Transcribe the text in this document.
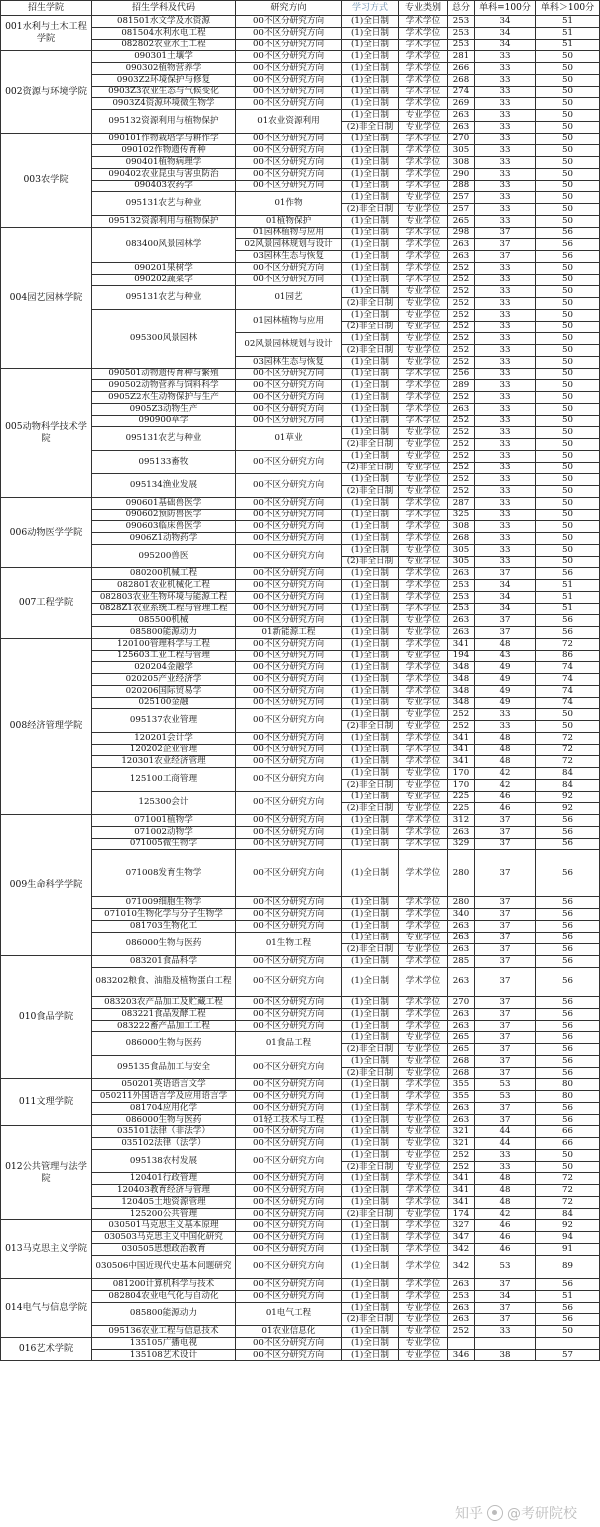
招生学院	招生学科及代码	研究方向	学习方式	专业类别	总分	单科=100分	单科＞100分
001水利与土木工程学院	081501水文学及水资源	00不区分研究方向	(1)全日制	学术学位	253	34	51
	081504水利水电工程	00不区分研究方向	(1)全日制	学术学位	253	34	51
	082802农业水土工程	00不区分研究方向	(1)全日制	学术学位	253	34	51
002资源与环境学院	090301土壤学	00不区分研究方向	(1)全日制	学术学位	281	33	50
	090302植物营养学	00不区分研究方向	(1)全日制	学术学位	266	33	50
	0903Z2环境保护与修复	00不区分研究方向	(1)全日制	学术学位	268	33	50
	0903Z3农业生态与气候变化	00不区分研究方向	(1)全日制	学术学位	274	33	50
	0903Z4资源环境微生物学	00不区分研究方向	(1)全日制	学术学位	269	33	50
	095132资源利用与植物保护	01农业资源利用	(1)全日制	专业学位	263	33	50
			(2)非全日制	专业学位	263	33	50
003农学院	090101作物栽培学与耕作学	00不区分研究方向	(1)全日制	学术学位	270	33	50
	090102作物遗传育种	00不区分研究方向	(1)全日制	学术学位	305	33	50
	090401植物病理学	00不区分研究方向	(1)全日制	学术学位	308	33	50
	090402农业昆虫与害虫防治	00不区分研究方向	(1)全日制	学术学位	290	33	50
	090403农药学	00不区分研究方向	(1)全日制	学术学位	288	33	50
	095131农艺与种业	01作物	(1)全日制	专业学位	257	33	50
			(2)非全日制	专业学位	257	33	50
	095132资源利用与植物保护	01植物保护	(1)全日制	专业学位	265	33	50
004园艺园林学院	083400风景园林学	01园林植物与应用	(1)全日制	学术学位	298	37	56
		02风景园林规划与设计	(1)全日制	学术学位	263	37	56
		03园林生态与恢复	(1)全日制	学术学位	263	37	56
	090201果树学	00不区分研究方向	(1)全日制	学术学位	252	33	50
	090202蔬菜学	00不区分研究方向	(1)全日制	学术学位	252	33	50
	095131农艺与种业	01园艺	(1)全日制	专业学位	252	33	50
			(2)非全日制	专业学位	252	33	50
	095300风景园林	01园林植物与应用	(1)全日制	专业学位	252	33	50
			(2)非全日制	专业学位	252	33	50
		02风景园林规划与设计	(1)全日制	专业学位	252	33	50
			(2)非全日制	专业学位	252	33	50
		03园林生态与恢复	(1)全日制	专业学位	252	33	50
005动物科学技术学院	090501动物遗传育种与繁殖	00不区分研究方向	(1)全日制	学术学位	256	33	50
	090502动物营养与饲料科学	00不区分研究方向	(1)全日制	学术学位	289	33	50
	0905Z2水生动物保护与生产	00不区分研究方向	(1)全日制	学术学位	252	33	50
	0905Z3动物生产	00不区分研究方向	(1)全日制	学术学位	263	33	50
	090900草学	00不区分研究方向	(1)全日制	学术学位	252	33	50
	095131农艺与种业	01草业	(1)全日制	专业学位	252	33	50
			(2)非全日制	专业学位	252	33	50
	095133畜牧	00不区分研究方向	(1)全日制	专业学位	252	33	50
			(2)非全日制	专业学位	252	33	50
	095134渔业发展	00不区分研究方向	(1)全日制	专业学位	252	33	50
			(2)非全日制	专业学位	252	33	50
006动物医学学院	090601基础兽医学	00不区分研究方向	(1)全日制	学术学位	287	33	50
	090602预防兽医学	00不区分研究方向	(1)全日制	学术学位	325	33	50
	090603临床兽医学	00不区分研究方向	(1)全日制	学术学位	308	33	50
	0906Z1动物药学	00不区分研究方向	(1)全日制	学术学位	268	33	50
	095200兽医	00不区分研究方向	(1)全日制	专业学位	305	33	50
			(2)非全日制	专业学位	305	33	50
007工程学院	080200机械工程	00不区分研究方向	(1)全日制	学术学位	263	37	56
	082801农业机械化工程	00不区分研究方向	(1)全日制	学术学位	253	34	51
	082803农业生物环境与能源工程	00不区分研究方向	(1)全日制	学术学位	253	34	51
	0828Z1农业系统工程与管理工程	00不区分研究方向	(1)全日制	学术学位	253	34	51
	085500机械	00不区分研究方向	(1)全日制	专业学位	263	37	56
	085800能源动力	01新能源工程	(1)全日制	专业学位	263	37	56
008经济管理学院	120100管理科学与工程	00不区分研究方向	(1)全日制	学术学位	341	48	72
	125603工业工程与管理	00不区分研究方向	(1)全日制	专业学位	194	43	86
	020204金融学	00不区分研究方向	(1)全日制	学术学位	348	49	74
	020205产业经济学	00不区分研究方向	(1)全日制	学术学位	348	49	74
	020206国际贸易学	00不区分研究方向	(1)全日制	学术学位	348	49	74
	025100金融	00不区分研究方向	(1)全日制	专业学位	348	49	74
	095137农业管理	00不区分研究方向	(1)全日制	专业学位	252	33	50
			(2)非全日制	专业学位	252	33	50
	120201会计学	00不区分研究方向	(1)全日制	学术学位	341	48	72
	120202企业管理	00不区分研究方向	(1)全日制	学术学位	341	48	72
	120301农业经济管理	00不区分研究方向	(1)全日制	学术学位	341	48	72
	125100工商管理	00不区分研究方向	(1)全日制	专业学位	170	42	84
			(2)非全日制	专业学位	170	42	84
	125300会计	00不区分研究方向	(1)全日制	专业学位	225	46	92
			(2)非全日制	专业学位	225	46	92
009生命科学学院	071001植物学	00不区分研究方向	(1)全日制	学术学位	312	37	56
	071002动物学	00不区分研究方向	(1)全日制	学术学位	263	37	56
	071005微生物学	00不区分研究方向	(1)全日制	学术学位	329	37	56
	071008发育生物学	00不区分研究方向	(1)全日制	学术学位	280	37	56
	071009细胞生物学	00不区分研究方向	(1)全日制	学术学位	280	37	56
	071010生物化学与分子生物学	00不区分研究方向	(1)全日制	学术学位	340	37	56
	081703生物化工	00不区分研究方向	(1)全日制	学术学位	263	37	56
	086000生物与医药	01生物工程	(1)全日制	专业学位	263	37	56
			(2)非全日制	专业学位	263	37	56
010食品学院	083201食品科学	00不区分研究方向	(1)全日制	学术学位	285	37	56
	083202粮食、油脂及植物蛋白工程	00不区分研究方向	(1)全日制	学术学位	263	37	56
	083203农产品加工及贮藏工程	00不区分研究方向	(1)全日制	学术学位	270	37	56
	083221食品发酵工程	00不区分研究方向	(1)全日制	学术学位	263	37	56
	083222畜产品加工工程	00不区分研究方向	(1)全日制	学术学位	263	37	56
	086000生物与医药	01食品工程	(1)全日制	专业学位	265	37	56
			(2)非全日制	专业学位	265	37	56
	095135食品加工与安全	00不区分研究方向	(1)全日制	专业学位	268	37	56
			(2)非全日制	专业学位	268	37	56
011文理学院	050201英语语言文学	00不区分研究方向	(1)全日制	学术学位	355	53	80
	050211外国语言学及应用语言学	00不区分研究方向	(1)全日制	学术学位	355	53	80
	081704应用化学	00不区分研究方向	(1)全日制	学术学位	263	37	56
	086000生物与医药	01轻工技术与工程	(1)全日制	专业学位	263	37	56
012公共管理与法学院	035101法律（非法学）	00不区分研究方向	(1)全日制	专业学位	321	44	66
	035102法律（法学）	00不区分研究方向	(1)全日制	专业学位	321	44	66
	095138农村发展	00不区分研究方向	(1)全日制	专业学位	252	33	50
			(2)非全日制	专业学位	252	33	50
	120401行政管理	00不区分研究方向	(1)全日制	学术学位	341	48	72
	120403教育经济与管理	00不区分研究方向	(1)全日制	学术学位	341	48	72
	120405土地资源管理	00不区分研究方向	(1)全日制	学术学位	341	48	72
	125200公共管理	00不区分研究方向	(2)非全日制	专业学位	174	42	84
013马克思主义学院	030501马克思主义基本原理	00不区分研究方向	(1)全日制	学术学位	327	46	92
	030503马克思主义中国化研究	00不区分研究方向	(1)全日制	学术学位	347	46	94
	030505思想政治教育	00不区分研究方向	(1)全日制	学术学位	342	46	91
	030506中国近现代史基本问题研究	00不区分研究方向	(1)全日制	学术学位	342	53	89
014电气与信息学院	081200计算机科学与技术	00不区分研究方向	(1)全日制	学术学位	263	37	56
	082804农业电气化与自动化	00不区分研究方向	(1)全日制	学术学位	253	34	51
	085800能源动力	01电气工程	(1)全日制	专业学位	263	37	56
			(2)非全日制	专业学位	263	37	56
	095136农业工程与信息技术	01农业信息化	(1)全日制	专业学位	252	33	50
016艺术学院	135105广播电视	00不区分研究方向	(1)全日制	专业学位			
	135108艺术设计	00不区分研究方向	(1)全日制	专业学位	346	38	57
知乎 @考研院校
